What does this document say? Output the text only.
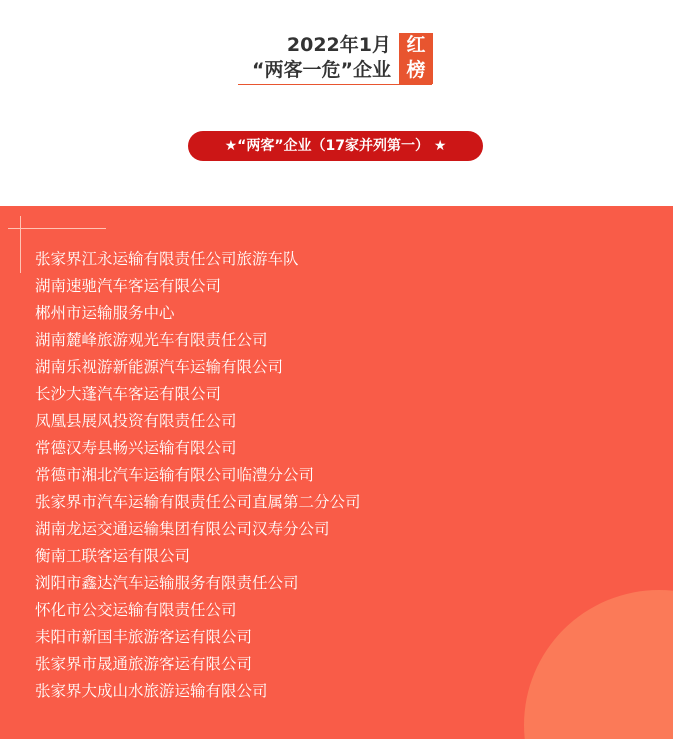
2022年1月
“两客一危”企业
红
榜
★“两客”企业（17家并列第一） ★
张家界江永运输有限责任公司旅游车队
湖南速驰汽车客运有限公司
郴州市运输服务中心
湖南麓峰旅游观光车有限责任公司
湖南乐视游新能源汽车运输有限公司
长沙大蓬汽车客运有限公司
凤凰县展风投资有限责任公司
常德汉寿县畅兴运输有限公司
常德市湘北汽车运输有限公司临澧分公司
张家界市汽车运输有限责任公司直属第二分公司
湖南龙运交通运输集团有限公司汉寿分公司
衡南工联客运有限公司
浏阳市鑫达汽车运输服务有限责任公司
怀化市公交运输有限责任公司
耒阳市新国丰旅游客运有限公司
张家界市晟通旅游客运有限公司
张家界大成山水旅游运输有限公司
